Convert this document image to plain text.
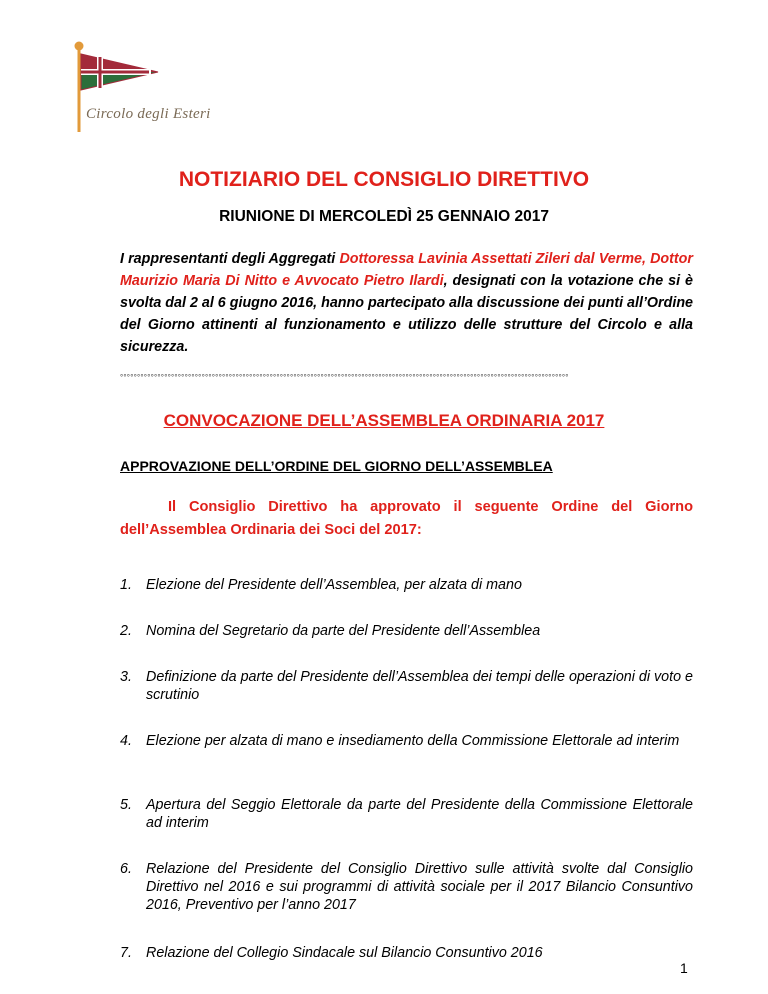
Circolo degli Esteri
NOTIZIARIO DEL CONSIGLIO DIRETTIVO
RIUNIONE DI MERCOLEDÌ 25 GENNAIO 2017
I rappresentanti degli Aggregati Dottoressa Lavinia Assettati Zileri dal Verme, Dottor Maurizio Maria Di Nitto e Avvocato Pietro Ilardi, designati con la votazione che si è svolta dal 2 al 6 giugno 2016, hanno partecipato alla discussione dei punti all’Ordine del Giorno attinenti al funzionamento e utilizzo delle strutture del Circolo e alla sicurezza.
°°°°°°°°°°°°°°°°°°°°°°°°°°°°°°°°°°°°°°°°°°°°°°°°°°°°°°°°°°°°°°°°°°°°°°°°°°°°°°°°°°°°°°°°°°°°°°°°°°°°°°°°°°°°°°°°°°°°°°°°°°°°°°°°°°°°
CONVOCAZIONE DELL’ASSEMBLEA ORDINARIA 2017
APPROVAZIONE DELL’ORDINE DEL GIORNO DELL’ASSEMBLEA
Il Consiglio Direttivo ha approvato il seguente Ordine del Giorno dell’Assemblea Ordinaria dei Soci del 2017:
1. Elezione del Presidente dell’Assemblea, per alzata di mano
2. Nomina del Segretario da parte del Presidente dell’Assemblea
3. Definizione da parte del Presidente dell’Assemblea dei tempi delle operazioni di voto e scrutinio
4. Elezione per alzata di mano e insediamento della Commissione Elettorale ad interim
5. Apertura del Seggio Elettorale da parte del Presidente della Commissione Elettorale ad interim
6. Relazione del Presidente del Consiglio Direttivo sulle attività svolte dal Consiglio Direttivo nel 2016 e sui programmi di attività sociale per il 2017 Bilancio Consuntivo 2016, Preventivo per l’anno 2017
7. Relazione del Collegio Sindacale sul Bilancio Consuntivo 2016
1
